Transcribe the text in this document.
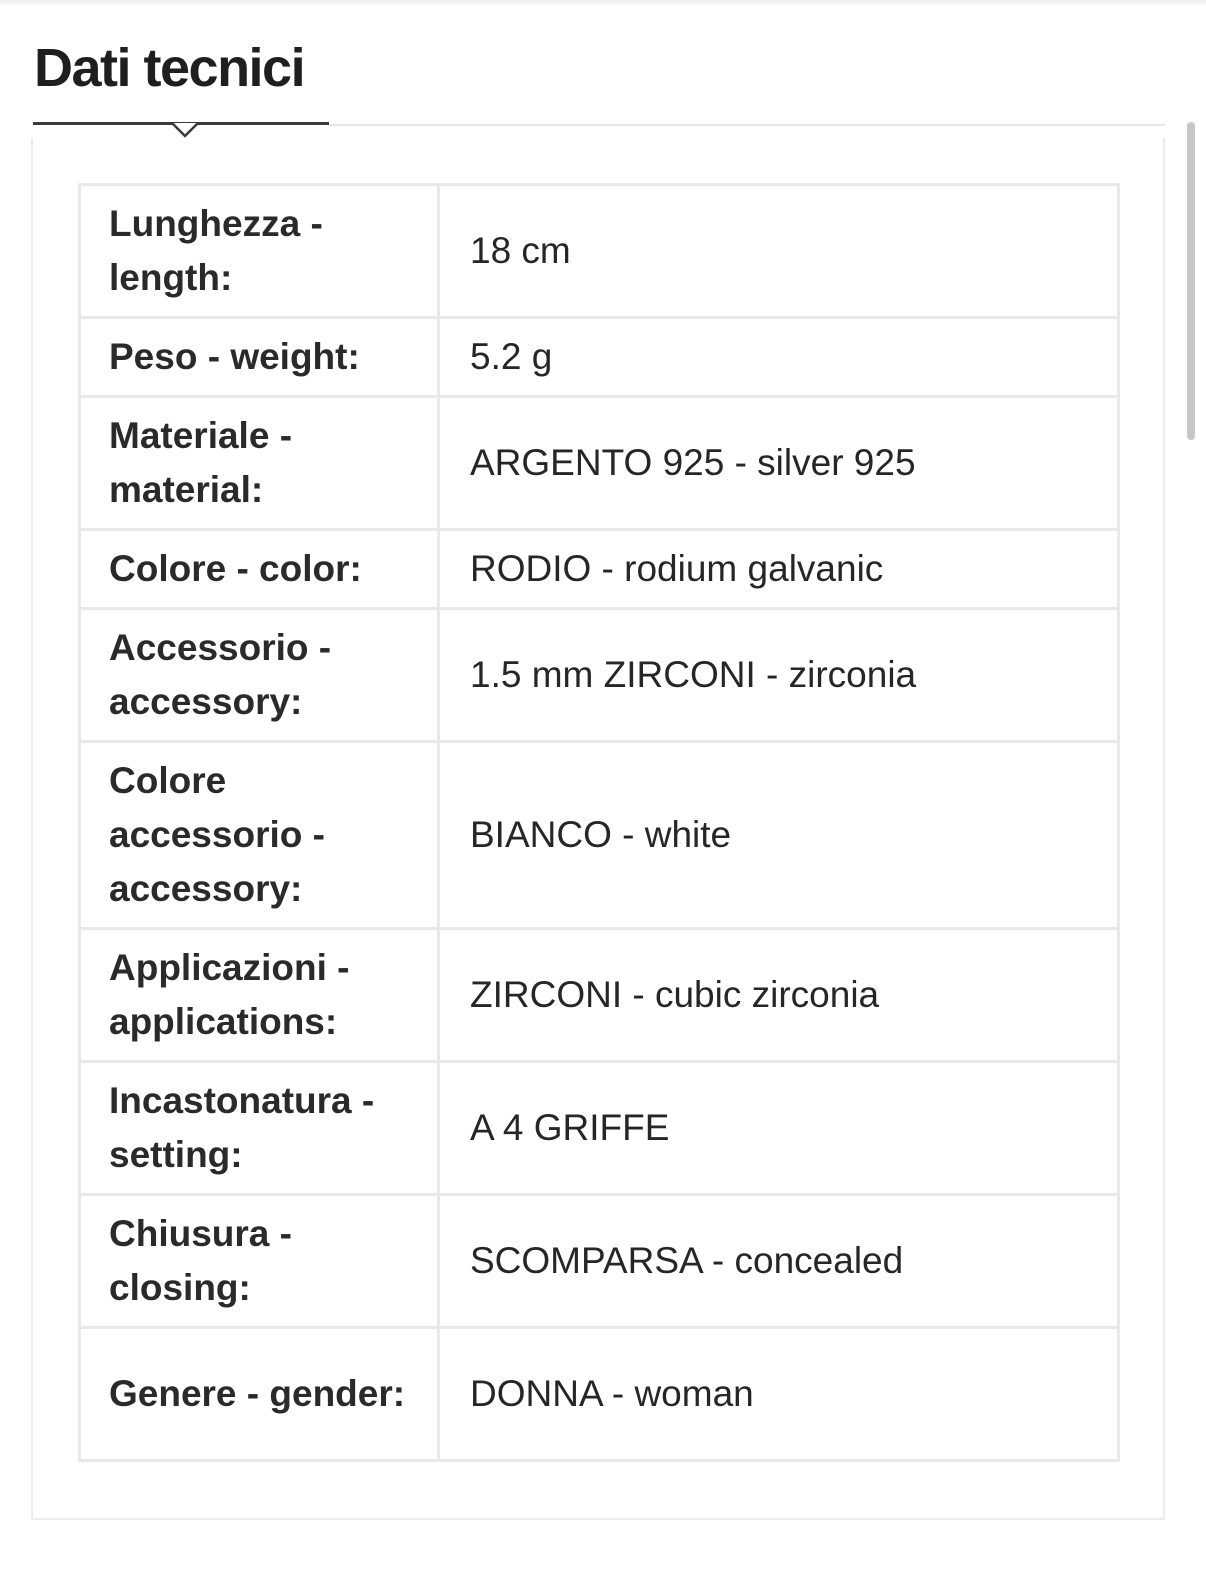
Dati tecnici
Lunghezza - length:	18 cm
Peso - weight:	5.2 g
Materiale - material:	ARGENTO 925 - silver 925
Colore - color:	RODIO - rodium galvanic
Accessorio - accessory:	1.5 mm ZIRCONI - zirconia
Colore accessorio - accessory:	BIANCO - white
Applicazioni - applications:	ZIRCONI - cubic zirconia
Incastonatura - setting:	A 4 GRIFFE
Chiusura - closing:	SCOMPARSA - concealed
Genere - gender:	DONNA - woman
